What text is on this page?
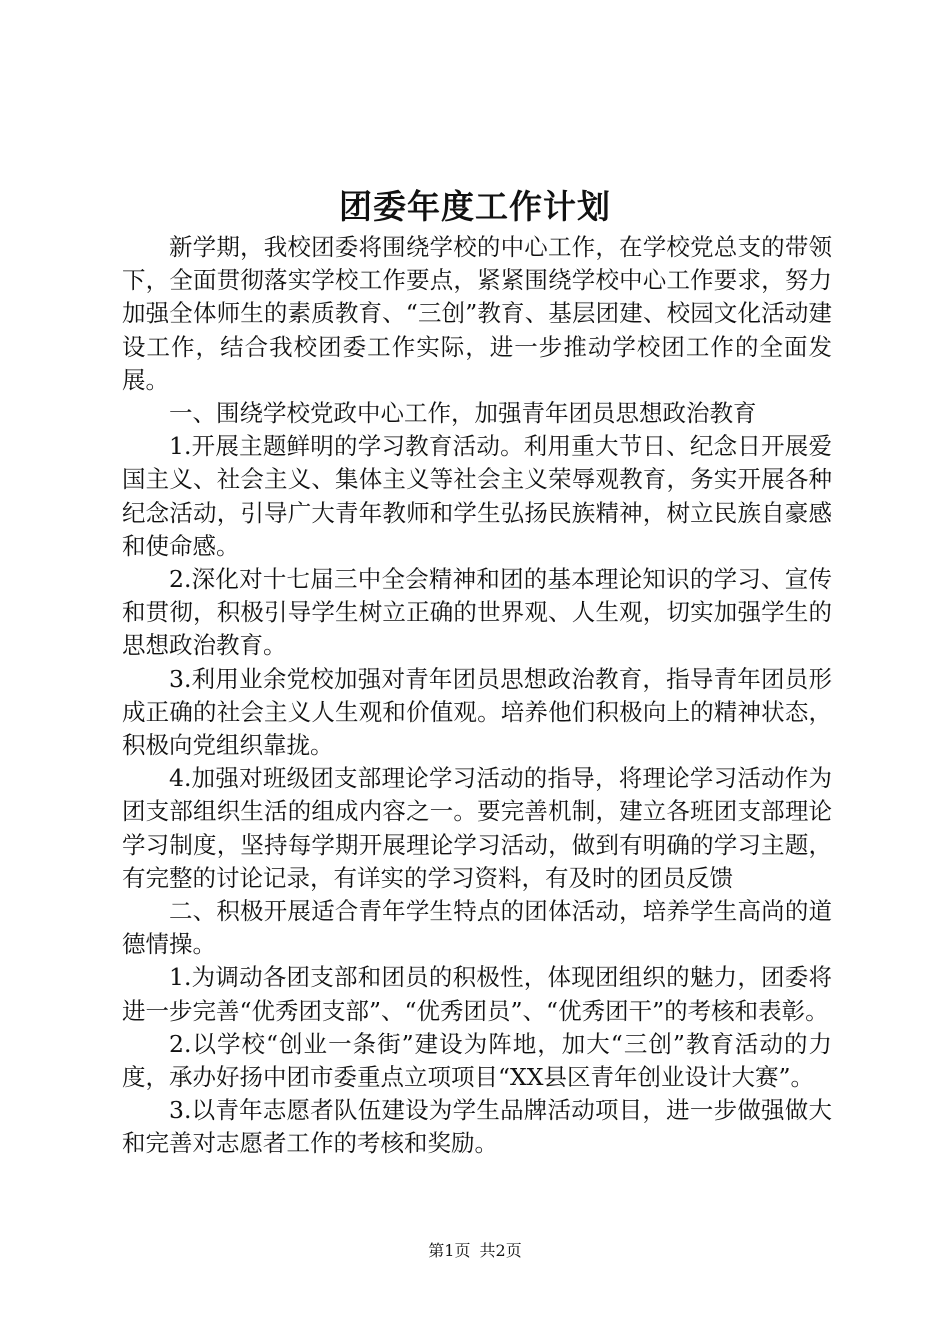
团委年度工作计划

新学期，我校团委将围绕学校的中心工作，在学校党总支的带领下，全面贯彻落实学校工作要点，紧紧围绕学校中心工作要求，努力加强全体师生的素质教育、“三创”教育、基层团建、校园文化活动建设工作，结合我校团委工作实际，进一步推动学校团工作的全面发展。

一、围绕学校党政中心工作，加强青年团员思想政治教育

1.开展主题鲜明的学习教育活动。利用重大节日、纪念日开展爱国主义、社会主义、集体主义等社会主义荣辱观教育，务实开展各种纪念活动，引导广大青年教师和学生弘扬民族精神，树立民族自豪感和使命感。

2.深化对十七届三中全会精神和团的基本理论知识的学习、宣传和贯彻，积极引导学生树立正确的世界观、人生观，切实加强学生的思想政治教育。

3.利用业余党校加强对青年团员思想政治教育，指导青年团员形成正确的社会主义人生观和价值观。培养他们积极向上的精神状态，积极向党组织靠拢。

4.加强对班级团支部理论学习活动的指导，将理论学习活动作为团支部组织生活的组成内容之一。要完善机制，建立各班团支部理论学习制度，坚持每学期开展理论学习活动，做到有明确的学习主题，有完整的讨论记录，有详实的学习资料，有及时的团员反馈

二、积极开展适合青年学生特点的团体活动，培养学生高尚的道德情操。

1.为调动各团支部和团员的积极性，体现团组织的魅力，团委将进一步完善“优秀团支部”、“优秀团员”、“优秀团干”的考核和表彰。

2.以学校“创业一条街”建设为阵地，加大“三创”教育活动的力度，承办好扬中团市委重点立项项目“XX县区青年创业设计大赛”。

3.以青年志愿者队伍建设为学生品牌活动项目，进一步做强做大和完善对志愿者工作的考核和奖励。

第1页 共2页
